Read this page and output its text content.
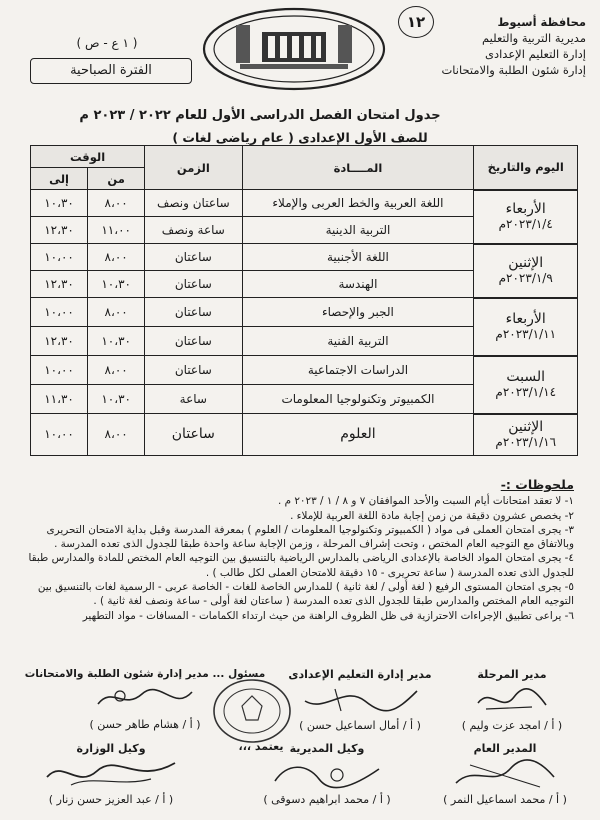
١٢	محافظة أسيوط
مديرية التربية والتعليم
إدارة التعليم الإعدادى
إدارة شئون الطلبة والامتحانات
( ١ ع - ص )
الفترة الصباحية
جدول امتحان الفصل الدراسى الأول للعام ٢٠٢٢ / ٢٠٢٣ م
للصف الأول الإعدادى ( عام رياضى لغات )
اليوم والتاريخ	المــــادة	الزمن	الوقت	
			من	إلى

الأربعاء
٢٠٢٣/١/٤م	اللغة العربية والخط العربى والإملاء	ساعتان ونصف	٨،٠٠	١٠،٣٠
	التربية الدينية	ساعة ونصف	١١،٠٠	١٢،٣٠

الإثنين
٢٠٢٣/١/٩م	اللغة الأجنبية	ساعتان	٨،٠٠	١٠،٠٠
	الهندسة	ساعتان	١٠،٣٠	١٢،٣٠

الأربعاء
٢٠٢٣/١/١١م	الجبر والإحصاء	ساعتان	٨،٠٠	١٠،٠٠
	التربية الفنية	ساعتان	١٠،٣٠	١٢،٣٠

السبت
٢٠٢٣/١/١٤م	الدراسات الاجتماعية	ساعتان	٨،٠٠	١٠،٠٠
	الكمبيوتر وتكنولوجيا المعلومات	ساعة	١٠،٣٠	١١،٣٠

الإثنين
٢٠٢٣/١/١٦م	العلوم	ساعتان	٨،٠٠	١٠،٠٠
ملحوظات :-

١- لا تعقد امتحانات أيام السبت والأحد الموافقان ٧ و ٨ / ١ / ٢٠٢٣ م .

٢- يخصص عشرون دقيقة من زمن إجابة مادة اللغة العربية للإملاء .

٣- يجرى امتحان العملى فى مواد ( الكمبيوتر وتكنولوجيا المعلومات / العلوم ) بمعرفة المدرسة وقبل بداية الامتحان التحريرى وبالاتفاق مع التوجيه العام المختص ، وتحت إشراف المرحلة ، وزمن الإجابة ساعة واحدة طبقا للجدول الذى تعده المدرسة .

٤- يجرى امتحان المواد الخاصة بالإعدادى الرياضى بالمدارس الرياضية بالتنسيق بين التوجيه العام المختص للمادة والمدارس طبقا للجدول الذى تعده المدرسة ( ساعة تحريرى - ١٥ دقيقة للامتحان العملى لكل طالب ) .

٥- يجرى امتحان المستوى الرفيع ( لغة أولى / لغة ثانية ) للمدارس الخاصة للغات - الخاصة عربى - الرسمية لغات بالتنسيق بين التوجيه العام المختص والمدارس طبقا للجدول الذى تعده المدرسة ( ساعتان لغة أولى - ساعة ونصف لغة ثانية ) .

٦- يراعى تطبيق الإجراءات الاحترازية فى ظل الظروف الراهنة من حيث ارتداء الكمامات - المسافات - مواد التطهير

مدير المرحلة
( أ / امجد عزت وليم )
مدير إدارة التعليم الإعدادى
( أ / أمال اسماعيل حسن )
مسئول ... مدير إدارة شئون الطلبة والامتحانات
( أ / هشام طاهر حسن )
يعتمد ،،،	المدير العام
( أ / محمد اسماعيل النمر )
وكيل المديرية
( أ / محمد ابراهيم دسوقى )
وكيل الوزارة
( أ / عبد العزيز حسن زنار )
